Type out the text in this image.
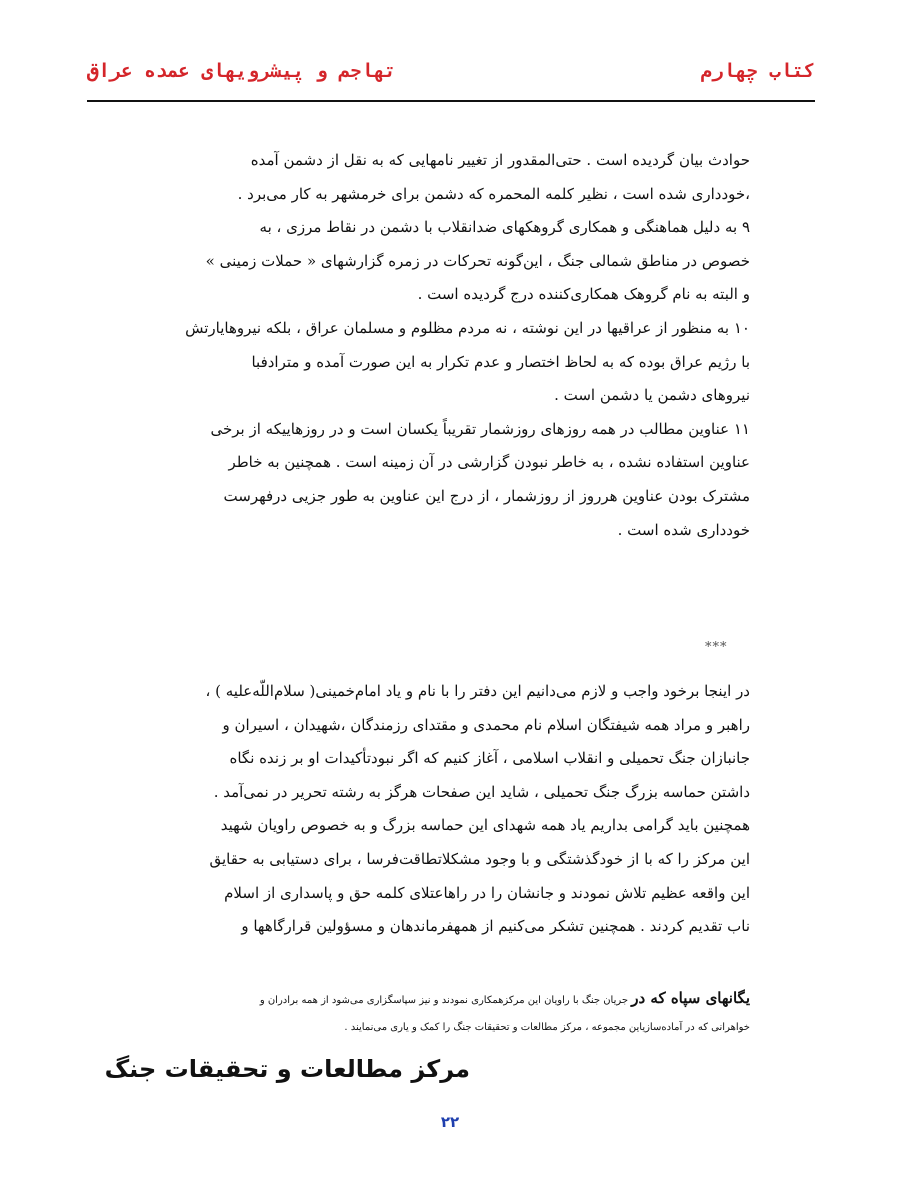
کتاب چهارم
تهاجم و پیشرویهای عمده عراق

حوادث بیان گردیده است . حتی‌المقدور از تغییر نامهایی که به نقل از دشمن آمده

،خودداری شده است ، نظیر کلمه المحمره که دشمن برای خرمشهر به کار می‌برد .

۹ به دلیل هماهنگی و همکاری گروهکهای ضدانقلاب با دشمن در نقاط مرزی ، به

خصوص در مناطق شمالی جنگ ، این‌گونه تحرکات در زمره گزارشهای « حملات زمینی »

و البته به نام گروهک همکاری‌کننده درج گردیده است .

۱۰ به منظور از عراقیها در این نوشته ، نه مردم مظلوم و مسلمان عراق ، بلکه نیروهایارتش

با رژیم عراق بوده که به لحاظ اختصار و عدم تکرار به این صورت آمده و مترادفبا

نیروهای دشمن یا دشمن است .

۱۱ عناوین مطالب در همه روزهای روزشمار تقریباً یکسان است و در روزهاییکه از برخی

عناوین استفاده نشده ، به خاطر نبودن گزارشی در آن زمینه است . همچنین به خاطر

مشترک بودن عناوین هرروز از روزشمار ، از درج این عناوین به طور جزیی درفهرست

خودداری شده است .

***

در اینجا برخود واجب و لازم می‌دانیم این دفتر را با نام و یاد امام‌خمینی( سلام‌اللّه‌علیه ) ،

راهبر و مراد همه شیفتگان اسلام نام محمدی و مقتدای رزمندگان ،شهیدان ، اسیران و

جانبازان جنگ تحمیلی و انقلاب اسلامی ، آغاز کنیم که اگر نبودتأکیدات او بر زنده نگاه

داشتن حماسه بزرگ جنگ تحمیلی ، شاید این صفحات هرگز به رشته تحریر در نمی‌آمد .

همچنین باید گرامی بداریم یاد همه شهدای این حماسه بزرگ و به خصوص راویان شهید

این مرکز را که با از خودگذشتگی و با وجود مشکلاتطاقت‌فرسا ، برای دستیابی به حقایق

این واقعه عظیم تلاش نمودند و جانشان را در راهاعتلای کلمه حق و پاسداری از اسلام

ناب تقدیم کردند . همچنین تشکر می‌کنیم از همهفرماندهان و مسؤولین قرارگاهها و

یگانهای سپاه که در جریان جنگ با راویان این مرکزهمکاری نمودند و نیز سپاسگزاری می‌شود از همه برادران و
خواهرانی که در آماده‌سازیاین مجموعه ، مرکز مطالعات و تحقیقات جنگ را کمک و یاری می‌نمایند .
مرکز مطالعات و تحقیقات جنگ
۲۲
